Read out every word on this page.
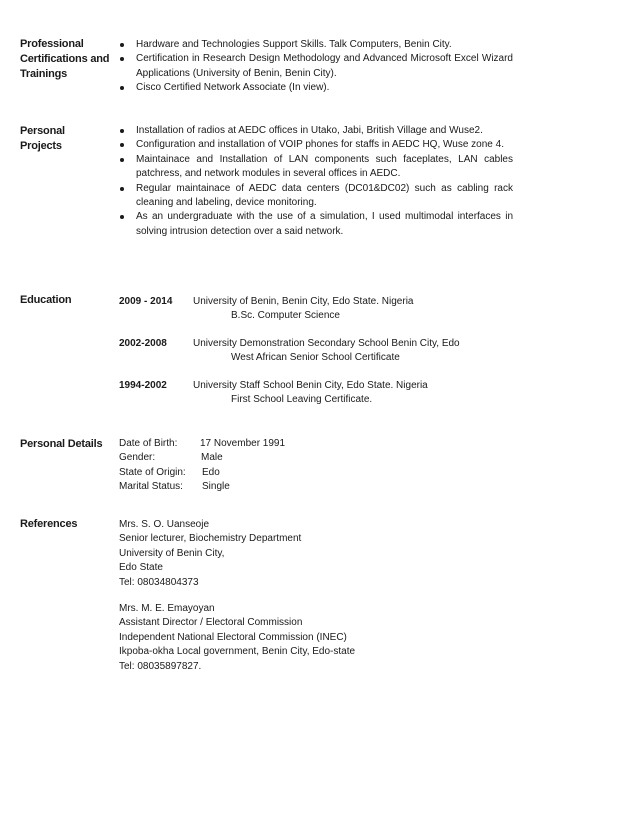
Professional
Certifications and
Trainings
Hardware and Technologies Support Skills. Talk Computers, Benin City.
Certification in Research Design Methodology and Advanced Microsoft Excel Wizard Applications (University of Benin, Benin City).
Cisco Certified Network Associate (In view).
Personal
Projects
Installation of radios at AEDC offices in Utako, Jabi, British Village and Wuse2.
Configuration and installation of VOIP phones for staffs in AEDC HQ, Wuse zone 4.
Maintainace and Installation of LAN components such faceplates, LAN cables patchress, and network modules in several offices in AEDC.
Regular maintainace of AEDC data centers (DC01&DC02) such as cabling rack cleaning and labeling, device monitoring.
As an undergraduate with the use of a simulation, I used multimodal interfaces in solving intrusion detection over a said network.
Education	2009 - 2014 University of Benin, Benin City, Edo State. Nigeria
B.Sc. Computer Science
2002-2008	University Demonstration Secondary School Benin City, Edo
West African Senior School Certificate
1994-2002	University Staff School Benin City, Edo State. Nigeria
First School Leaving Certificate.
Personal Details	Date of Birth: 17 November 1991
Gender:	Male
State of Origin: Edo
Marital Status: Single
References	Mrs. S. O. Uanseoje
Senior lecturer, Biochemistry Department
University of Benin City,
Edo State
Tel: 08034804373
Mrs. M. E. Emayoyan
Assistant Director / Electoral Commission
Independent National Electoral Commission (INEC)
Ikpoba-okha Local government, Benin City, Edo-state
Tel: 08035897827.
